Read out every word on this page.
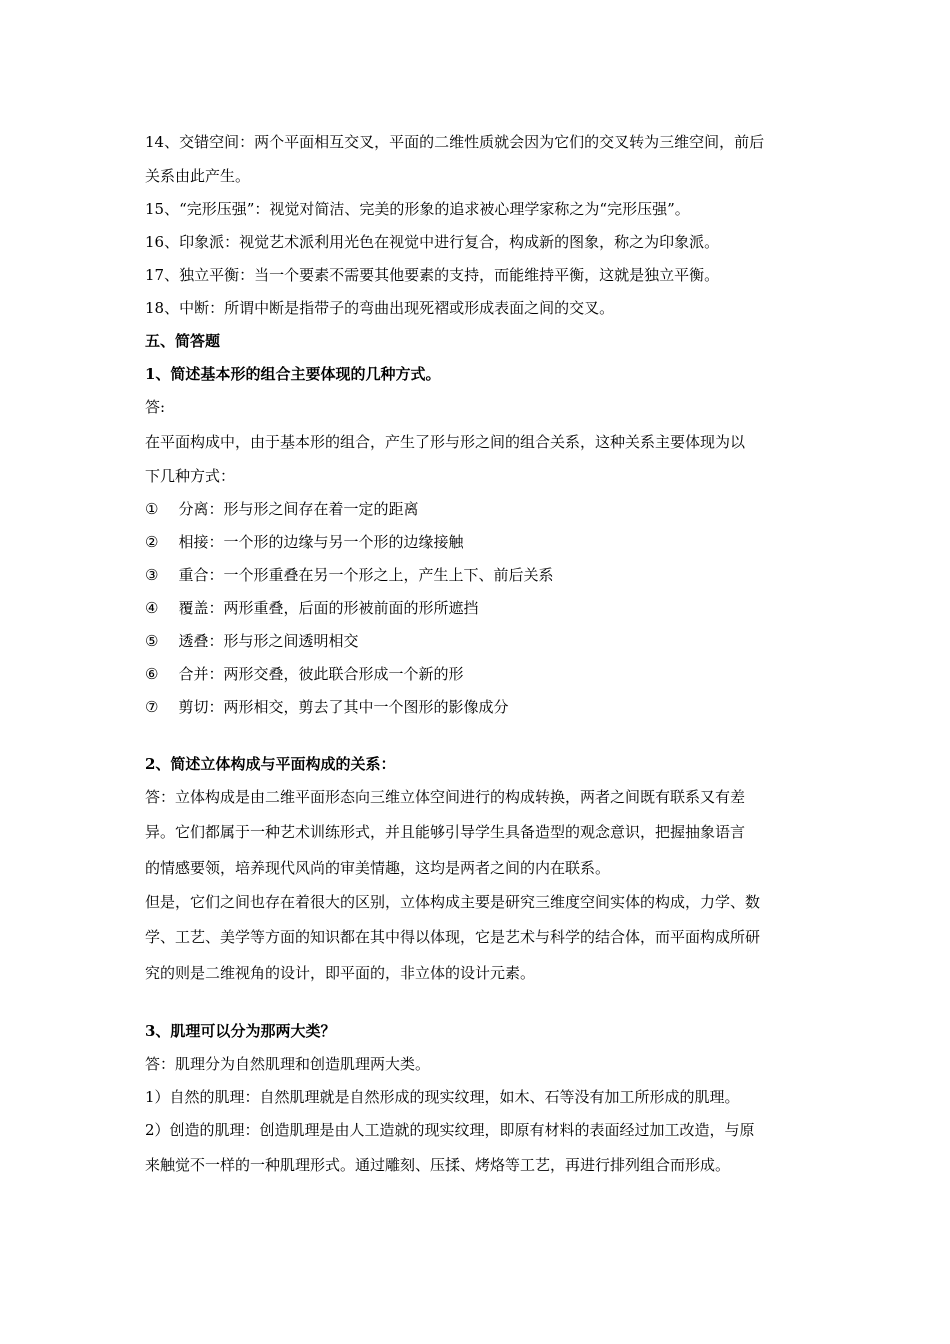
14、交错空间：两个平面相互交叉，平面的二维性质就会因为它们的交叉转为三维空间，前后
关系由此产生。
15、“完形压强”：视觉对简洁、完美的形象的追求被心理学家称之为“完形压强”。
16、印象派：视觉艺术派利用光色在视觉中进行复合，构成新的图象，称之为印象派。
17、独立平衡：当一个要素不需要其他要素的支持，而能维持平衡，这就是独立平衡。
18、中断：所谓中断是指带子的弯曲出现死褶或形成表面之间的交叉。
五、简答题
1、简述基本形的组合主要体现的几种方式。
答:
在平面构成中，由于基本形的组合，产生了形与形之间的组合关系，这种关系主要体现为以
下几种方式：
① 分离：形与形之间存在着一定的距离
② 相接：一个形的边缘与另一个形的边缘接触
③ 重合：一个形重叠在另一个形之上，产生上下、前后关系
④ 覆盖：两形重叠，后面的形被前面的形所遮挡
⑤ 透叠：形与形之间透明相交
⑥ 合并：两形交叠，彼此联合形成一个新的形
⑦ 剪切：两形相交，剪去了其中一个图形的影像成分
2、简述立体构成与平面构成的关系：
答：立体构成是由二维平面形态向三维立体空间进行的构成转换，两者之间既有联系又有差
异。它们都属于一种艺术训练形式，并且能够引导学生具备造型的观念意识，把握抽象语言
的情感要领，培养现代风尚的审美情趣，这均是两者之间的内在联系。
但是，它们之间也存在着很大的区别，立体构成主要是研究三维度空间实体的构成，力学、数
学、工艺、美学等方面的知识都在其中得以体现，它是艺术与科学的结合体，而平面构成所研
究的则是二维视角的设计，即平面的，非立体的设计元素。
3、肌理可以分为那两大类？
答：肌理分为自然肌理和创造肌理两大类。
1）自然的肌理：自然肌理就是自然形成的现实纹理，如木、石等没有加工所形成的肌理。
2）创造的肌理：创造肌理是由人工造就的现实纹理，即原有材料的表面经过加工改造，与原
来触觉不一样的一种肌理形式。通过雕刻、压揉、烤烙等工艺，再进行排列组合而形成。
